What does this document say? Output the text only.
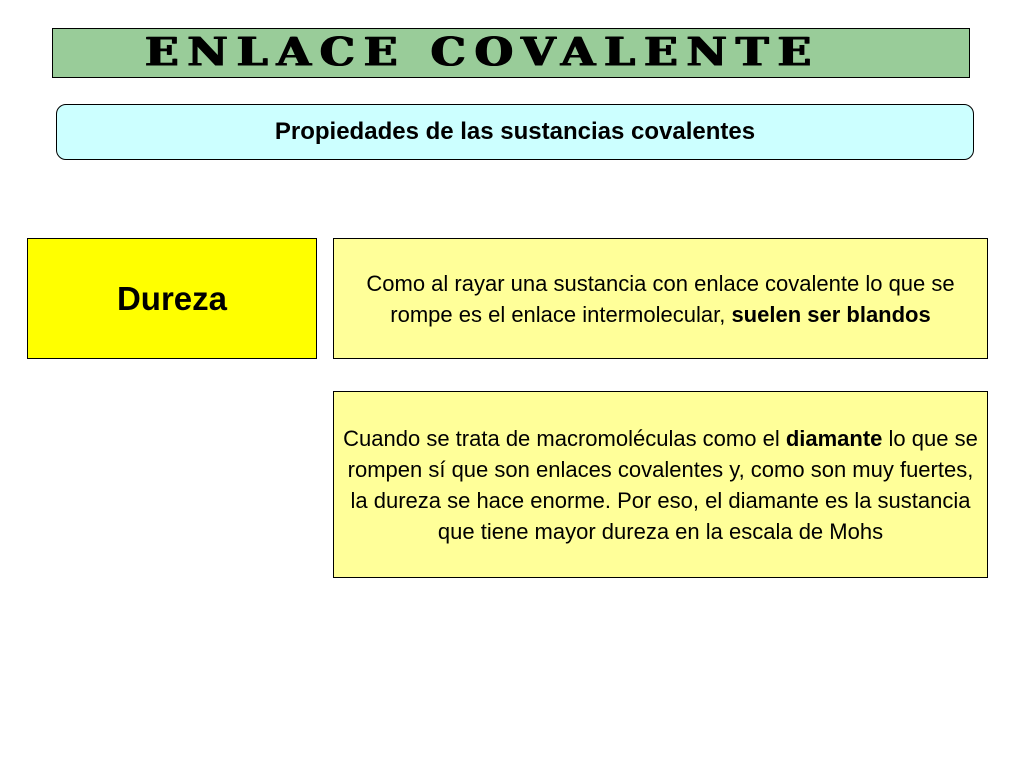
ENLACE COVALENTE
Propiedades de las sustancias covalentes
Dureza	Como al rayar una sustancia con enlace covalente lo que se rompe es el enlace intermolecular, suelen ser blandos

Cuando se trata de macromoléculas como el diamante lo que se rompen sí que son enlaces covalentes y, como son muy fuertes, la dureza se hace enorme. Por eso, el diamante es la sustancia que tiene mayor dureza en la escala de Mohs
